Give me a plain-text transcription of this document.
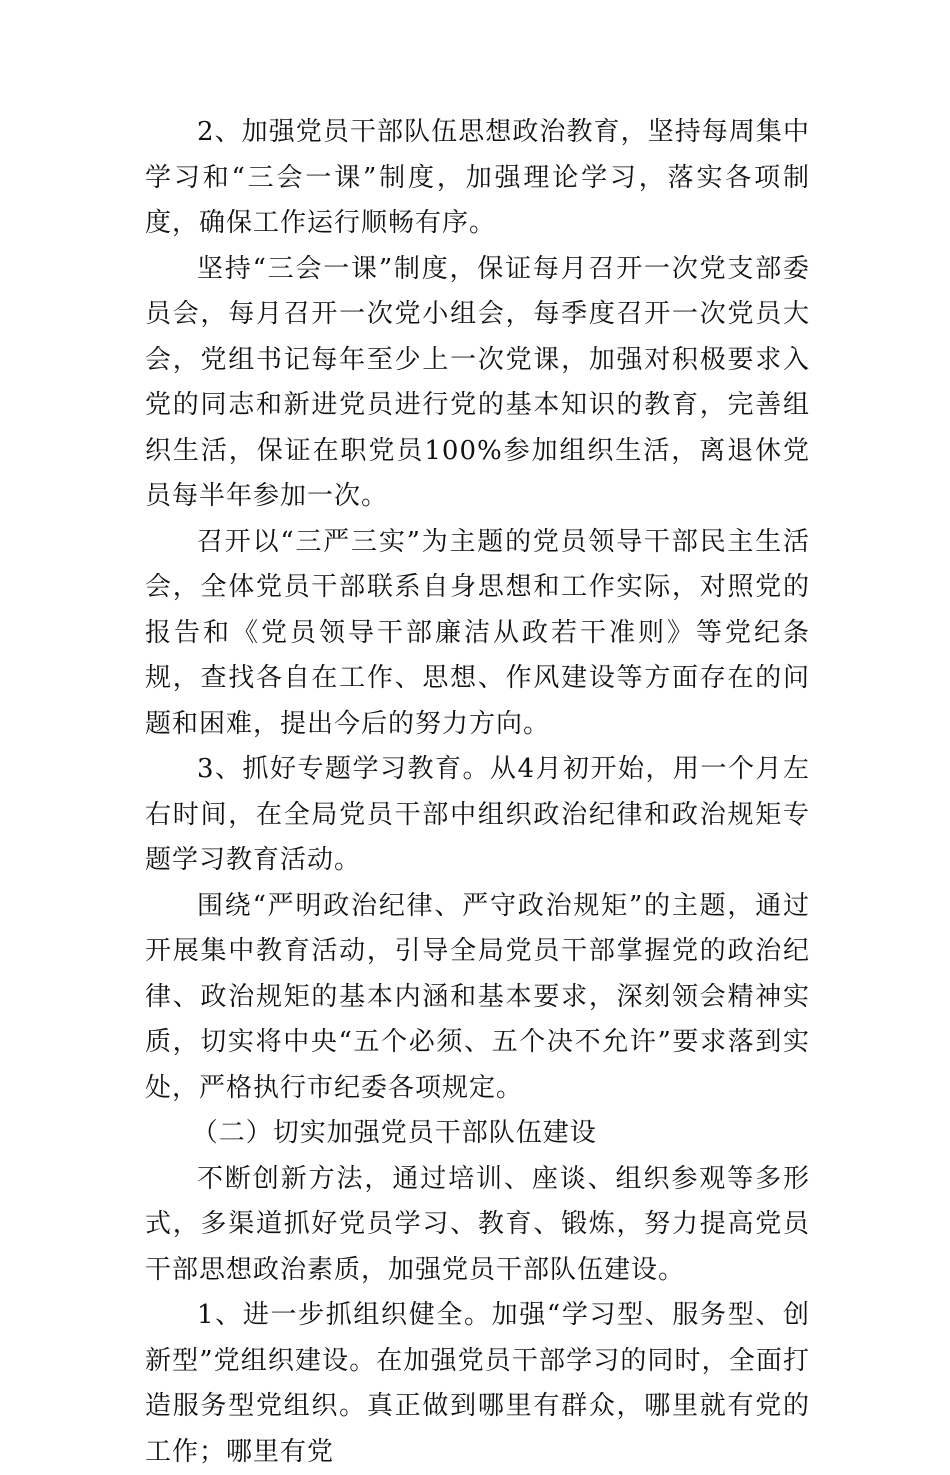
2、加强党员干部队伍思想政治教育，坚持每周集中学习和“三会一课”制度，加强理论学习，落实各项制度，确保工作运行顺畅有序。

坚持“三会一课”制度，保证每月召开一次党支部委员会，每月召开一次党小组会，每季度召开一次党员大会，党组书记每年至少上一次党课，加强对积极要求入党的同志和新进党员进行党的基本知识的教育，完善组织生活，保证在职党员100%参加组织生活，离退休党员每半年参加一次。

召开以“三严三实”为主题的党员领导干部民主生活会，全体党员干部联系自身思想和工作实际，对照党的报告和《党员领导干部廉洁从政若干准则》等党纪条规，查找各自在工作、思想、作风建设等方面存在的问题和困难，提出今后的努力方向。

3、抓好专题学习教育。从4月初开始，用一个月左右时间，在全局党员干部中组织政治纪律和政治规矩专题学习教育活动。

围绕“严明政治纪律、严守政治规矩”的主题，通过开展集中教育活动，引导全局党员干部掌握党的政治纪律、政治规矩的基本内涵和基本要求，深刻领会精神实质，切实将中央“五个必须、五个决不允许”要求落到实处，严格执行市纪委各项规定。

（二）切实加强党员干部队伍建设

不断创新方法，通过培训、座谈、组织参观等多形式，多渠道抓好党员学习、教育、锻炼，努力提高党员干部思想政治素质，加强党员干部队伍建设。

1、进一步抓组织健全。加强“学习型、服务型、创新型”党组织建设。在加强党员干部学习的同时，全面打造服务型党组织。真正做到哪里有群众，哪里就有党的工作；哪里有党
